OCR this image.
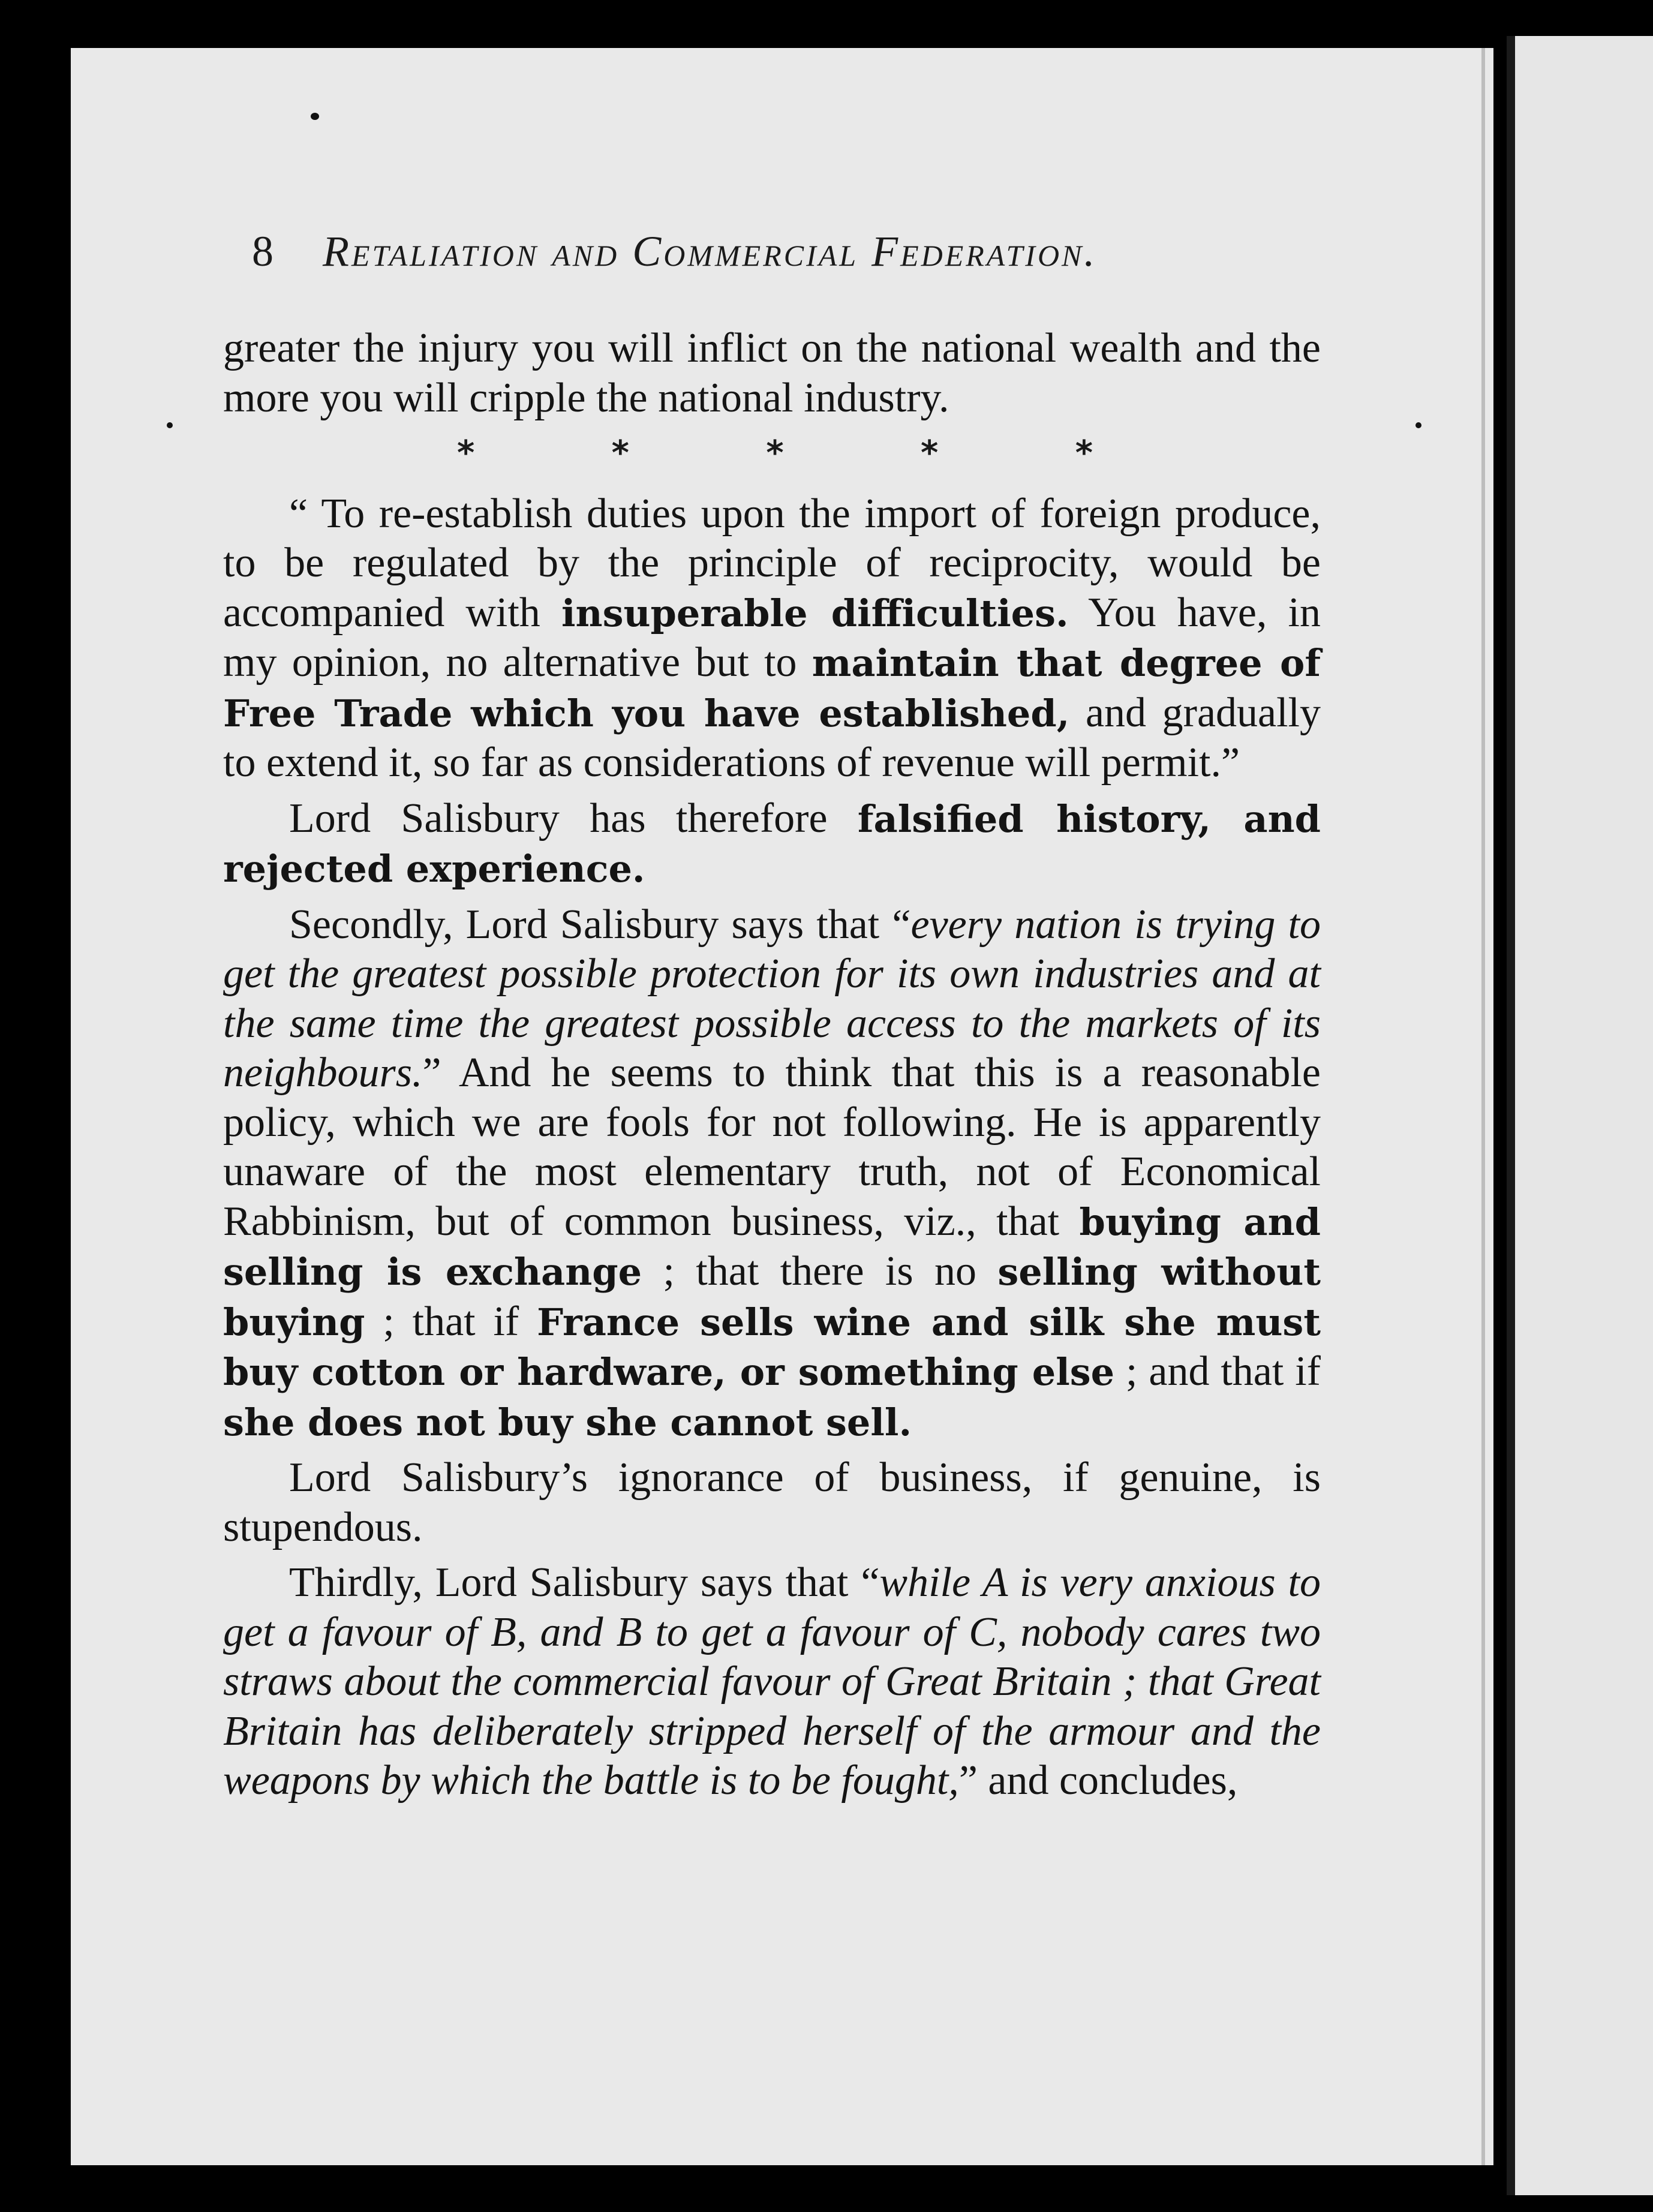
8 Retaliation and Commercial Federation.

greater the injury you will inflict on the national wealth and the more you will cripple the national industry.

*	*	*	*	*

“ To re-establish duties upon the import of foreign produce, to be regulated by the principle of reciprocity, would be accompanied with insuperable difficulties. You have, in my opinion, no alternative but to maintain that degree of Free Trade which you have established, and gradually to extend it, so far as considerations of revenue will permit.”

Lord Salisbury has therefore falsified history, and rejected experience.

Secondly, Lord Salisbury says that “every nation is trying to get the greatest possible protection for its own industries and at the same time the greatest possible access to the markets of its neighbours.” And he seems to think that this is a reasonable policy, which we are fools for not following. He is apparently unaware of the most elementary truth, not of Economical Rabbinism, but of common business, viz., that buying and selling is exchange ; that there is no selling without buying ; that if France sells wine and silk she must buy cotton or hardware, or something else ; and that if she does not buy she cannot sell.

Lord Salisbury’s ignorance of business, if genuine, is stupendous.

Thirdly, Lord Salisbury says that “while A is very anxious to get a favour of B, and B to get a favour of C, nobody cares two straws about the commercial favour of Great Britain ; that Great Britain has deliberately stripped herself of the armour and the weapons by which the battle is to be fought,” and concludes,
